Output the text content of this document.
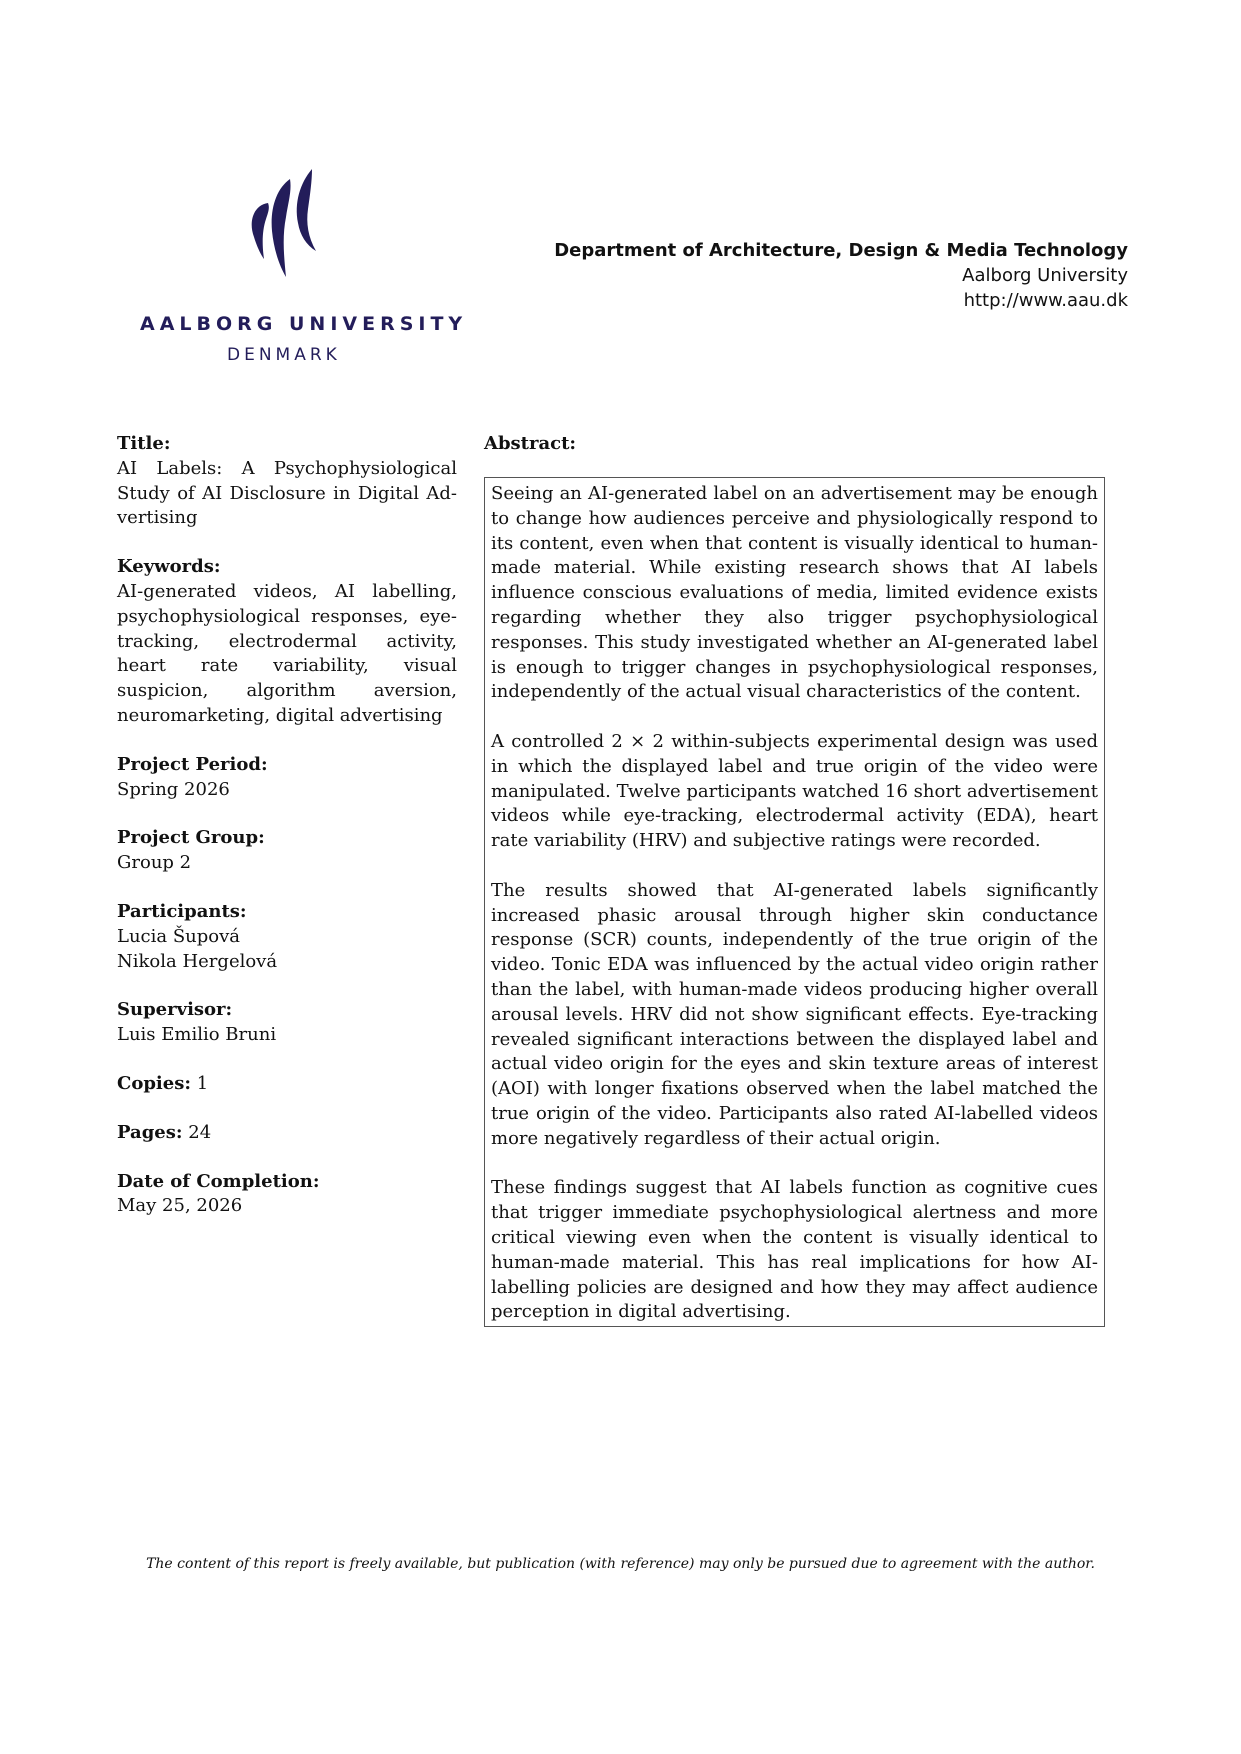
AALBORG UNIVERSITY
DENMARK
Department of Architecture, Design & Media Technology
Aalborg University
http://www.aau.dk
Title:
AI Labels: A Psychophysiological Study of AI Disclosure in Digital Advertising
Keywords:
AI-generated videos, AI labelling, psychophysiological responses, eye-tracking, electrodermal activity, heart rate variability, visual suspicion, algorithm aversion, neuromarketing, digital advertising
Project Period:
Spring 2026
Project Group:
Group 2
Participants:
Lucia Šupová
Nikola Hergelová
Supervisor:
Luis Emilio Bruni
Copies: 1
Pages: 24
Date of Completion:
May 25, 2026
Abstract:

Seeing an AI-generated label on an advertisement may be enough to change how audiences perceive and physiologically respond to its content, even when that content is visually identical to human-made material. While existing research shows that AI labels influence conscious evaluations of media, limited evidence exists regarding whether they also trigger psychophysiological responses. This study investigated whether an AI-generated label is enough to trigger changes in psychophysiological responses, independently of the actual visual characteristics of the content.

A controlled 2 × 2 within-subjects experimental design was used in which the displayed label and true origin of the video were manipulated. Twelve participants watched 16 short advertisement videos while eye-tracking, electrodermal activity (EDA), heart rate variability (HRV) and subjective ratings were recorded.

The results showed that AI-generated labels significantly increased phasic arousal through higher skin conductance response (SCR) counts, independently of the true origin of the video. Tonic EDA was influenced by the actual video origin rather than the label, with human-made videos producing higher overall arousal levels. HRV did not show significant effects. Eye-tracking revealed significant interactions between the displayed label and actual video origin for the eyes and skin texture areas of interest (AOI) with longer fixations observed when the label matched the true origin of the video. Participants also rated AI-labelled videos more negatively regardless of their actual origin.

These findings suggest that AI labels function as cognitive cues that trigger immediate psychophysiological alertness and more critical viewing even when the content is visually identical to human-made material. This has real implications for how AI-labelling policies are designed and how they may affect audience perception in digital advertising.

The content of this report is freely available, but publication (with reference) may only be pursued due to agreement with the author.
